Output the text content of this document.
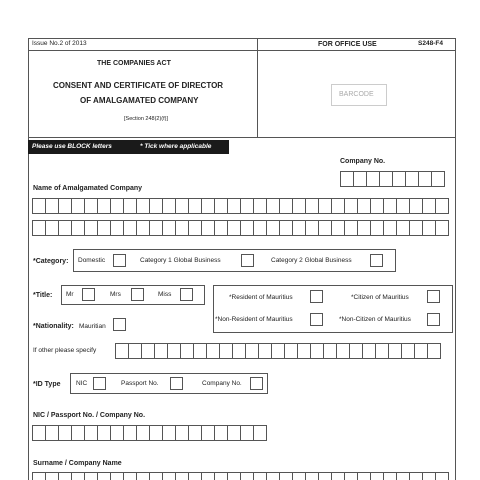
Issue No.2 of 2013	FOR OFFICE USE	S248-F4
THE COMPANIES ACT
CONSENT AND CERTIFICATE OF DIRECTOR
OF AMALGAMATED COMPANY
[Section 248(2)(f)]
BARCODE
Please use BLOCK letters	* Tick where applicable
Company No.
Name of Amalgamated Company
*Category: Domestic	Category 1 Global Business	Category 2 Global Business
*Title: Mr	Mrs	Miss	*Resident of Mauritius	*Citizen of Mauritius
*Non-Resident of Mauritius	*Non-Citizen of Mauritius
*Nationality: Mauritian
If other please specify
*ID Type NIC	Passport No.	Company No.
NIC / Passport No. / Company No.
Surname / Company Name
